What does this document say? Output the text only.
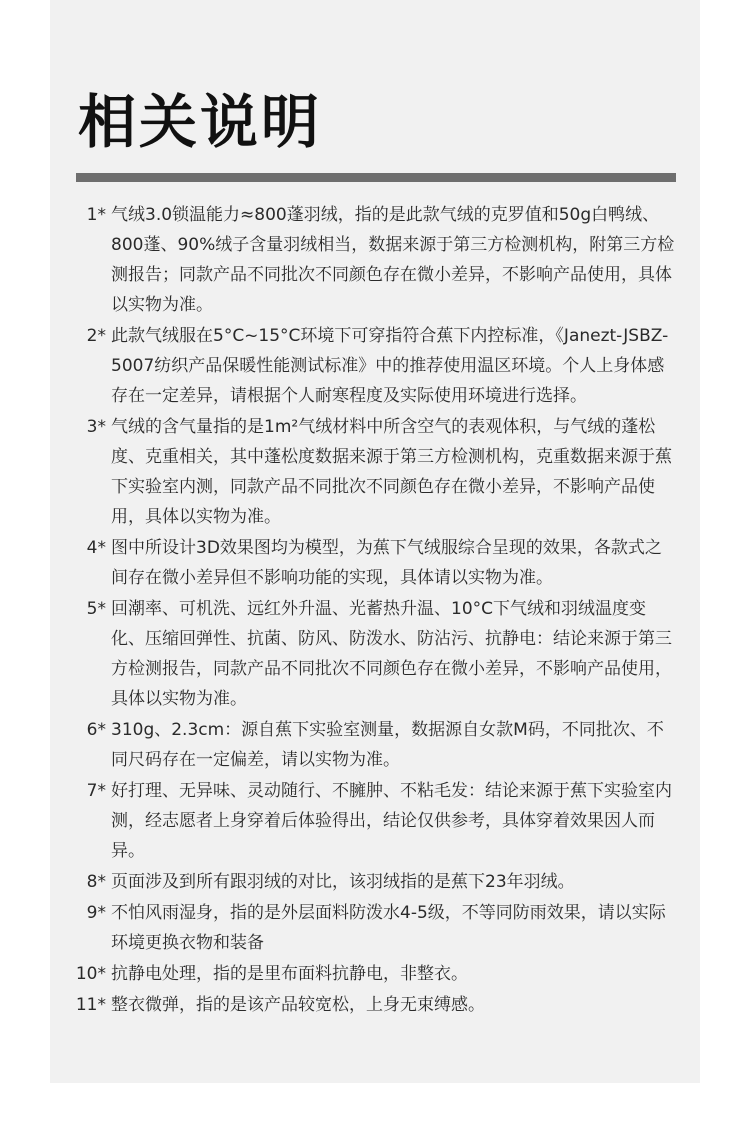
相关说明
1* 气绒3.0锁温能力≈800蓬羽绒，指的是此款气绒的克罗值和50g白鸭绒、800蓬、90%绒子含量羽绒相当，数据来源于第三方检测机构，附第三方检测报告；同款产品不同批次不同颜色存在微小差异，不影响产品使用，具体以实物为准。
2* 此款气绒服在5°C~15°C环境下可穿指符合蕉下内控标准，《Janezt-JSBZ-5007纺织产品保暖性能测试标准》中的推荐使用温区环境。个人上身体感存在一定差异，请根据个人耐寒程度及实际使用环境进行选择。
3* 气绒的含气量指的是1m²气绒材料中所含空气的表观体积，与气绒的蓬松度、克重相关，其中蓬松度数据来源于第三方检测机构，克重数据来源于蕉下实验室内测，同款产品不同批次不同颜色存在微小差异，不影响产品使用，具体以实物为准。
4* 图中所设计3D效果图均为模型，为蕉下气绒服综合呈现的效果，各款式之间存在微小差异但不影响功能的实现，具体请以实物为准。
5* 回潮率、可机洗、远红外升温、光蓄热升温、10°C下气绒和羽绒温度变化、压缩回弹性、抗菌、防风、防泼水、防沾污、抗静电：结论来源于第三方检测报告，同款产品不同批次不同颜色存在微小差异，不影响产品使用，具体以实物为准。
6* 310g、2.3cm：源自蕉下实验室测量，数据源自女款M码，不同批次、不同尺码存在一定偏差，请以实物为准。
7* 好打理、无异味、灵动随行、不臃肿、不粘毛发：结论来源于蕉下实验室内测，经志愿者上身穿着后体验得出，结论仅供参考，具体穿着效果因人而异。
8* 页面涉及到所有跟羽绒的对比，该羽绒指的是蕉下23年羽绒。
9* 不怕风雨湿身，指的是外层面料防泼水4-5级，不等同防雨效果，请以实际环境更换衣物和装备
10* 抗静电处理，指的是里布面料抗静电，非整衣。
11* 整衣微弹，指的是该产品较宽松，上身无束缚感。
